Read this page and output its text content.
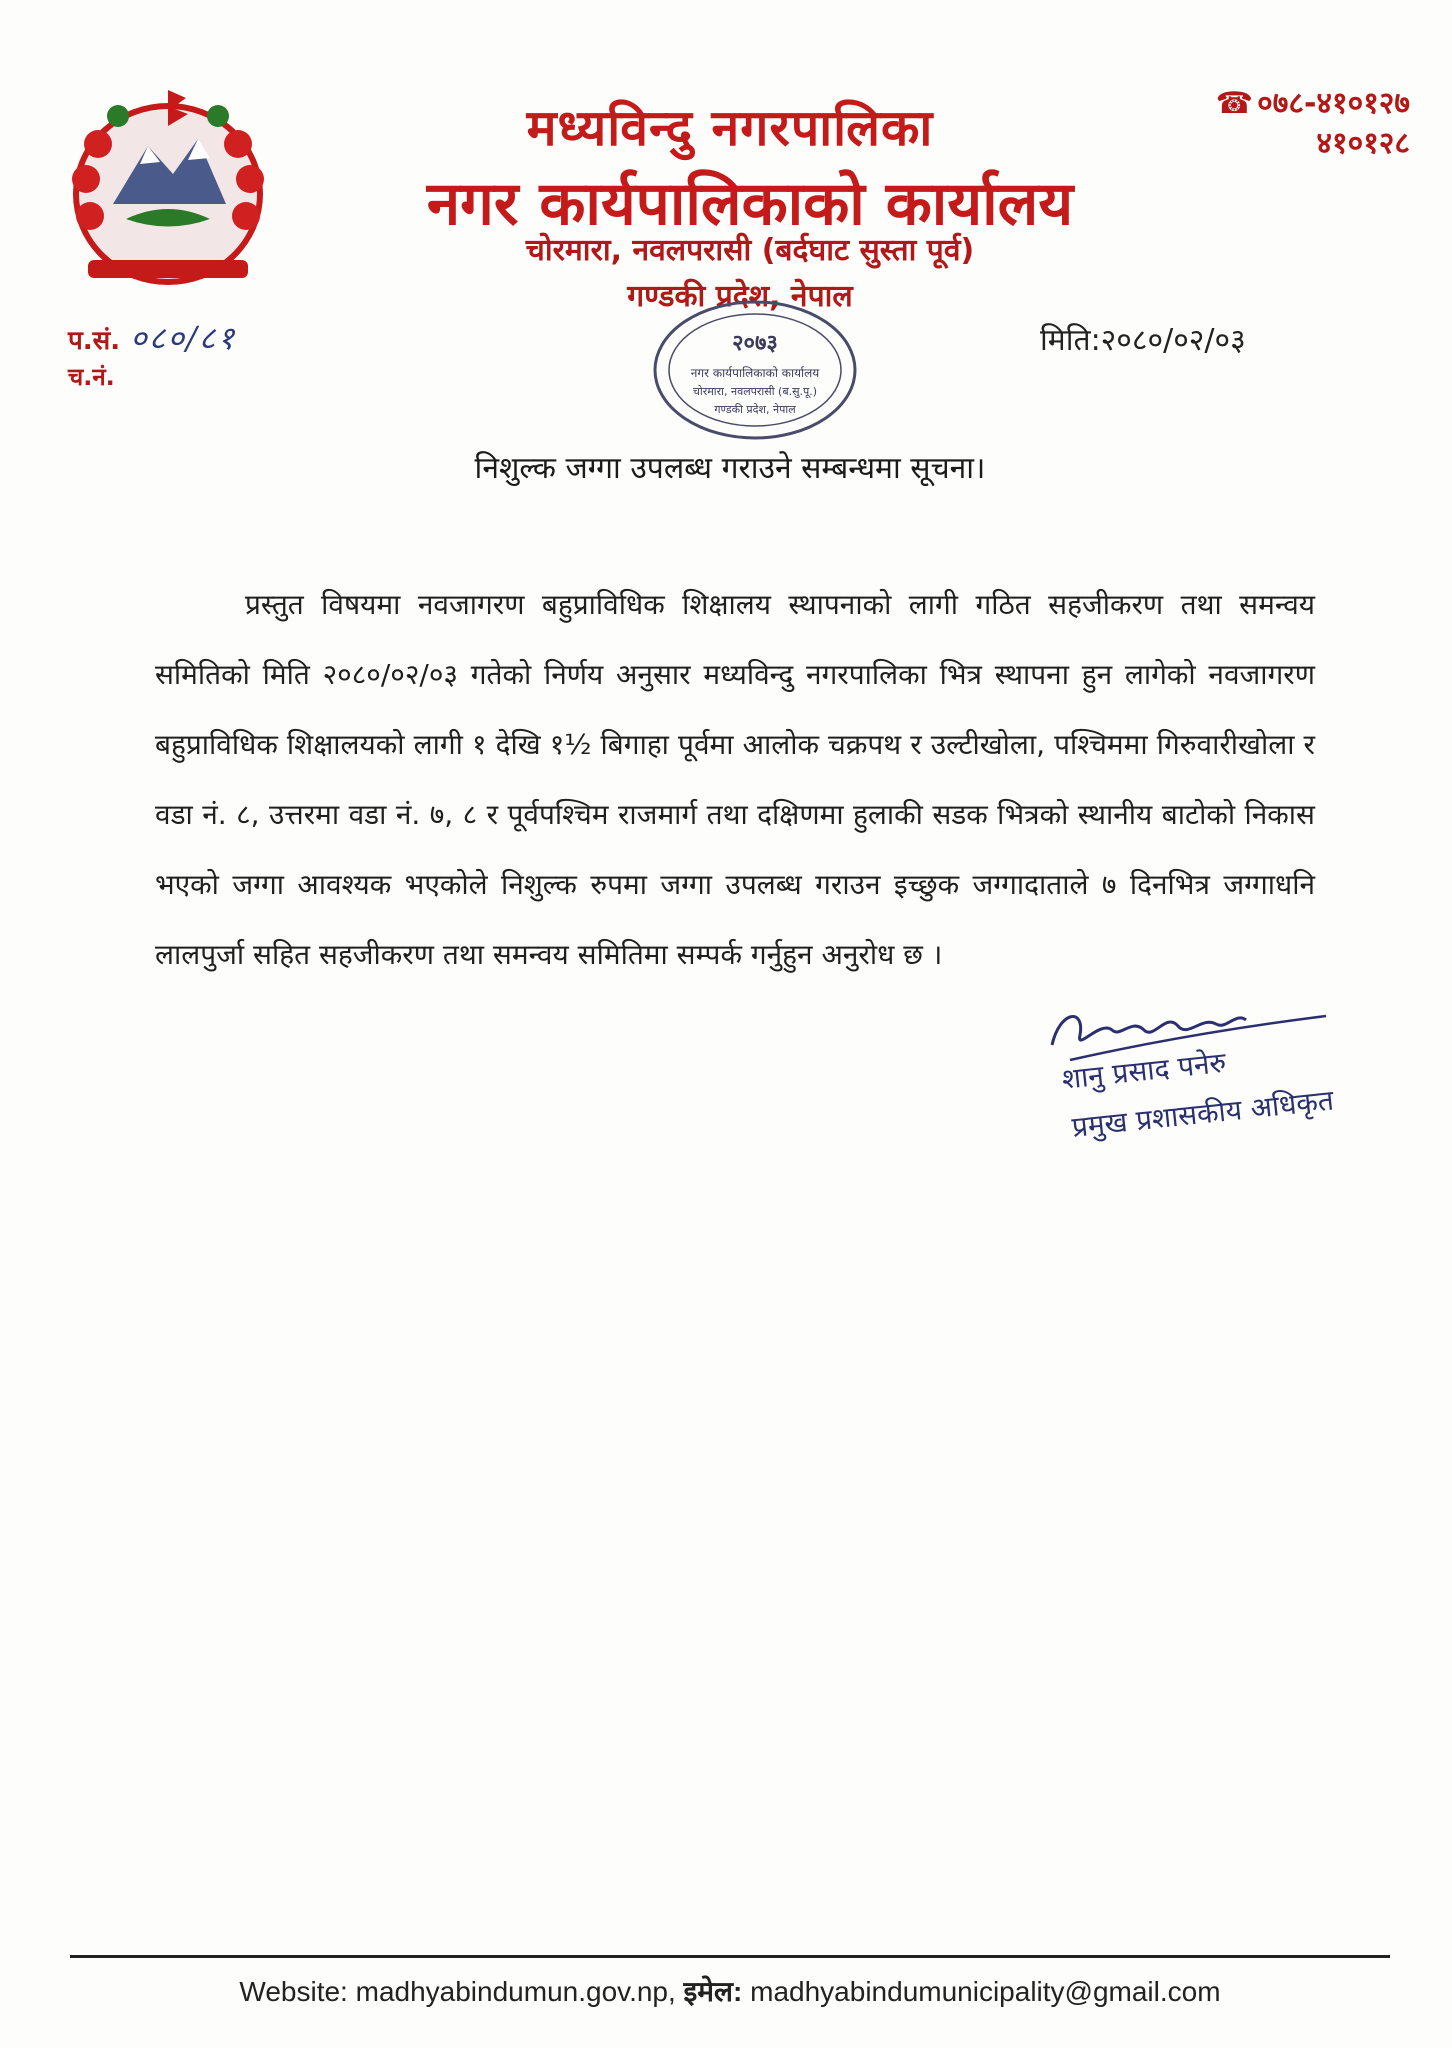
मध्यविन्दु नगरपालिका
नगर कार्यपालिकाको कार्यालय
चोरमारा, नवलपरासी (बर्दघाट सुस्ता पूर्व)
गण्डकी प्रदेश, नेपाल
☎ ०७८-४१०१२७
४१०१२८
प.सं. ०८०/८१
च.नं.
मिति:२०८०/०२/०३
२०७३
नगर कार्यपालिकाको कार्यालय
चोरमारा, नवलपरासी (ब.सु.पू.)
गण्डकी प्रदेश, नेपाल
निशुल्क जग्गा उपलब्ध गराउने सम्बन्धमा सूचना।

प्रस्तुत विषयमा नवजागरण बहुप्राविधिक शिक्षालय स्थापनाको लागी गठित सहजीकरण तथा समन्वय समितिको मिति २०८०/०२/०३ गतेको निर्णय अनुसार मध्यविन्दु नगरपालिका भित्र स्थापना हुन लागेको नवजागरण बहुप्राविधिक शिक्षालयको लागी १ देखि १½ बिगाहा पूर्वमा आलोक चक्रपथ र उल्टीखोला, पश्चिममा गिरुवारीखोला र वडा नं. ८, उत्तरमा वडा नं. ७, ८ र पूर्वपश्चिम राजमार्ग तथा दक्षिणमा हुलाकी सडक भित्रको स्थानीय बाटोको निकास भएको जग्गा आवश्यक भएकोले निशुल्क रुपमा जग्गा उपलब्ध गराउन इच्छुक जग्गादाताले ७ दिनभित्र जग्गाधनि लालपुर्जा सहित सहजीकरण तथा समन्वय समितिमा सम्पर्क गर्नुहुन अनुरोध छ ।

शानु प्रसाद पनेरु
प्रमुख प्रशासकीय अधिकृत
Website: madhyabindumun.gov.np, इमेल: madhyabindumunicipality@gmail.com
